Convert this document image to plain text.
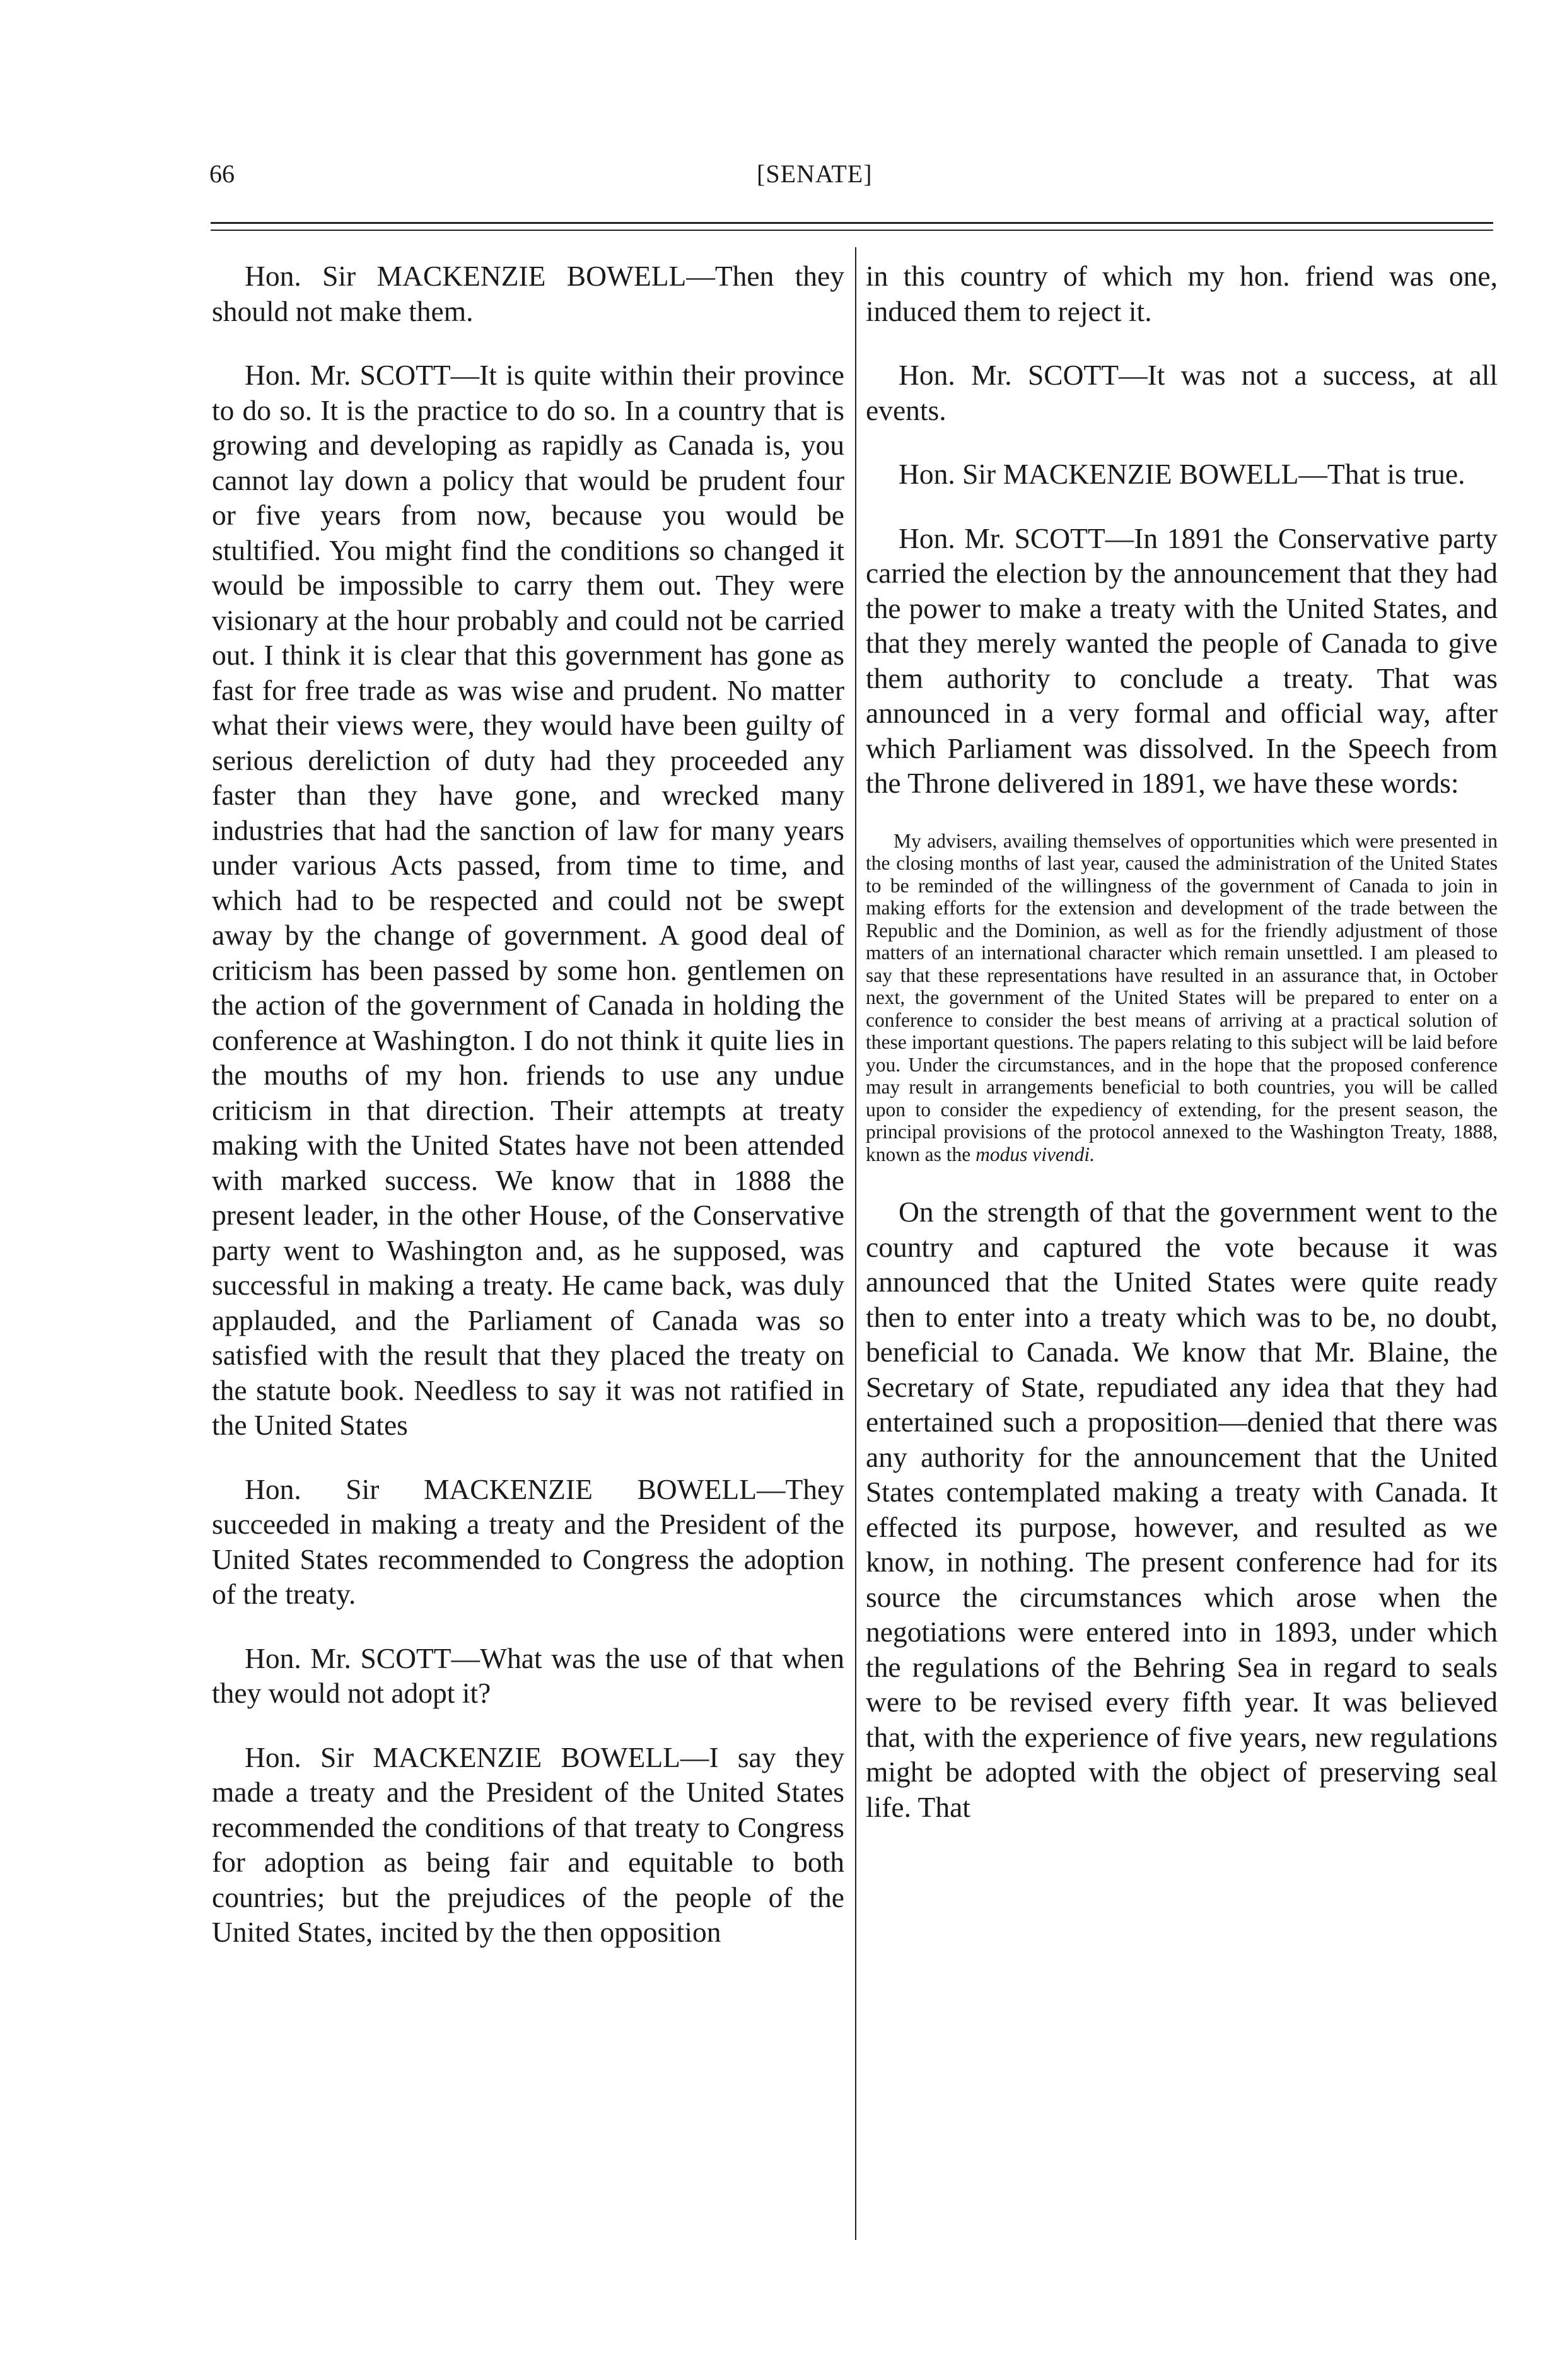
66	[SENATE]

Hon. Sir MACKENZIE BOWELL—Then they should not make them.

Hon. Mr. SCOTT—It is quite within their province to do so. It is the practice to do so. In a country that is growing and developing as rapidly as Canada is, you cannot lay down a policy that would be prudent four or five years from now, because you would be stultified. You might find the conditions so changed it would be impossible to carry them out. They were visionary at the hour probably and could not be carried out. I think it is clear that this government has gone as fast for free trade as was wise and prudent. No matter what their views were, they would have been guilty of serious dereliction of duty had they proceeded any faster than they have gone, and wrecked many industries that had the sanction of law for many years under various Acts passed, from time to time, and which had to be respected and could not be swept away by the change of government. A good deal of criticism has been passed by some hon. gentlemen on the action of the government of Canada in holding the conference at Washington. I do not think it quite lies in the mouths of my hon. friends to use any undue criticism in that direction. Their attempts at treaty making with the United States have not been attended with marked success. We know that in 1888 the present leader, in the other House, of the Conservative party went to Washington and, as he supposed, was successful in making a treaty. He came back, was duly applauded, and the Parliament of Canada was so satisfied with the result that they placed the treaty on the statute book. Needless to say it was not ratified in the United States

Hon. Sir MACKENZIE BOWELL—They succeeded in making a treaty and the President of the United States recommended to Congress the adoption of the treaty.

Hon. Mr. SCOTT—What was the use of that when they would not adopt it?

Hon. Sir MACKENZIE BOWELL—I say they made a treaty and the President of the United States recommended the conditions of that treaty to Congress for adoption as being fair and equitable to both countries; but the prejudices of the people of the United States, incited by the then opposition

in this country of which my hon. friend was one, induced them to reject it.

Hon. Mr. SCOTT—It was not a success, at all events.

Hon. Sir MACKENZIE BOWELL—That is true.

Hon. Mr. SCOTT—In 1891 the Conservative party carried the election by the announcement that they had the power to make a treaty with the United States, and that they merely wanted the people of Canada to give them authority to conclude a treaty. That was announced in a very formal and official way, after which Parliament was dissolved. In the Speech from the Throne delivered in 1891, we have these words:

My advisers, availing themselves of opportunities which were presented in the closing months of last year, caused the administration of the United States to be reminded of the willingness of the government of Canada to join in making efforts for the extension and development of the trade between the Republic and the Dominion, as well as for the friendly adjustment of those matters of an international character which remain unsettled. I am pleased to say that these representations have resulted in an assurance that, in October next, the government of the United States will be prepared to enter on a conference to consider the best means of arriving at a practical solution of these important questions. The papers relating to this subject will be laid before you. Under the circumstances, and in the hope that the proposed conference may result in arrangements beneficial to both countries, you will be called upon to consider the expediency of extending, for the present season, the principal provisions of the protocol annexed to the Washington Treaty, 1888, known as the modus vivendi.

On the strength of that the government went to the country and captured the vote because it was announced that the United States were quite ready then to enter into a treaty which was to be, no doubt, beneficial to Canada. We know that Mr. Blaine, the Secretary of State, repudiated any idea that they had entertained such a proposition—denied that there was any authority for the announcement that the United States contemplated making a treaty with Canada. It effected its purpose, however, and resulted as we know, in nothing. The present conference had for its source the circumstances which arose when the negotiations were entered into in 1893, under which the regulations of the Behring Sea in regard to seals were to be revised every fifth year. It was believed that, with the experience of five years, new regulations might be adopted with the object of preserving seal life. That
